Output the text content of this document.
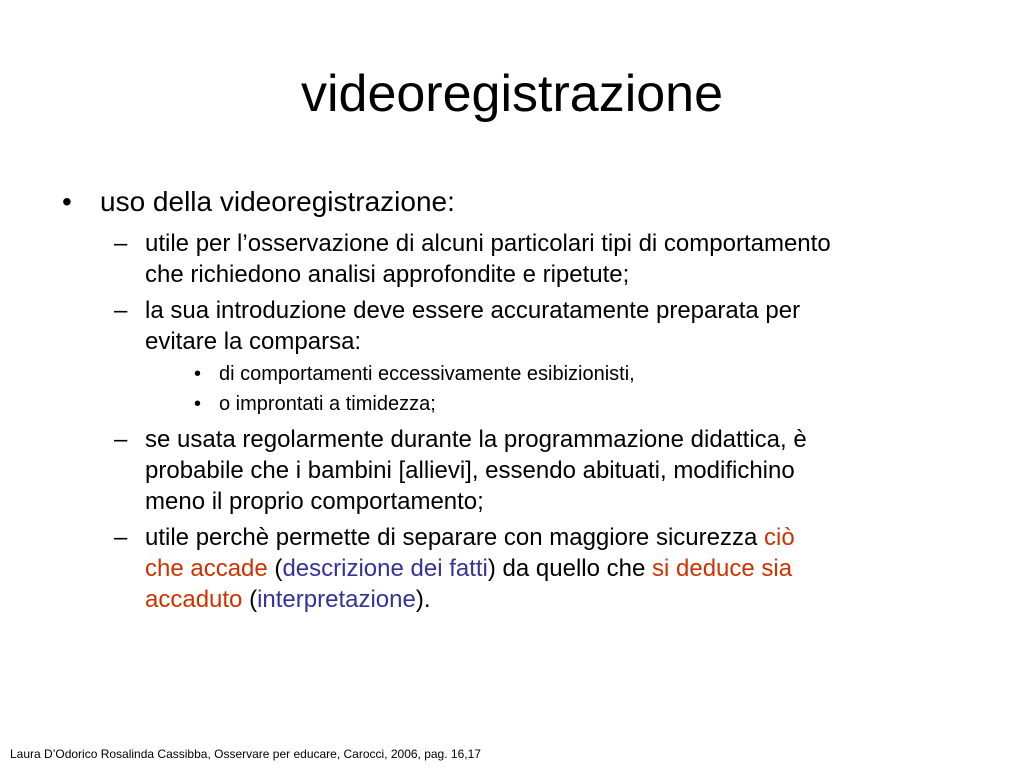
videoregistrazione
• uso della videoregistrazione:
– utile per l’osservazione di alcuni particolari tipi di comportamento
che richiedono analisi approfondite e ripetute;
– la sua introduzione deve essere accuratamente preparata per
evitare la comparsa:
• di comportamenti eccessivamente esibizionisti,
• o improntati a timidezza;
– se usata regolarmente durante la programmazione didattica, è
probabile che i bambini [allievi], essendo abituati, modifichino
meno il proprio comportamento;
– utile perchè permette di separare con maggiore sicurezza ciò
che accade (descrizione dei fatti) da quello che si deduce sia
accaduto (interpretazione).
Laura D’Odorico Rosalinda Cassibba, Osservare per educare, Carocci, 2006, pag. 16,17
